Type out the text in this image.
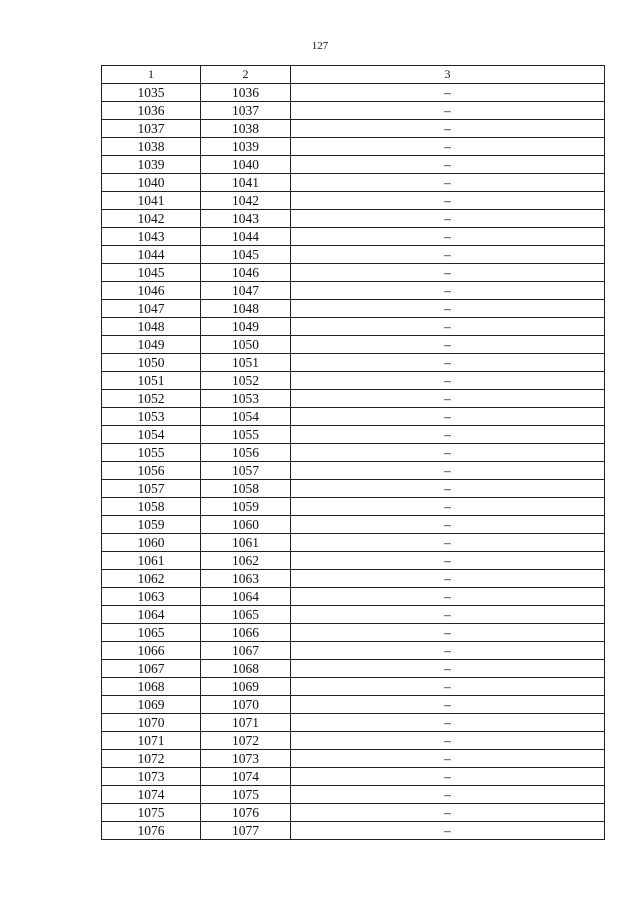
127
1	2	3
1035	1036	–
1036	1037	–
1037	1038	–
1038	1039	–
1039	1040	–
1040	1041	–
1041	1042	–
1042	1043	–
1043	1044	–
1044	1045	–
1045	1046	–
1046	1047	–
1047	1048	–
1048	1049	–
1049	1050	–
1050	1051	–
1051	1052	–
1052	1053	–
1053	1054	–
1054	1055	–
1055	1056	–
1056	1057	–
1057	1058	–
1058	1059	–
1059	1060	–
1060	1061	–
1061	1062	–
1062	1063	–
1063	1064	–
1064	1065	–
1065	1066	–
1066	1067	–
1067	1068	–
1068	1069	–
1069	1070	–
1070	1071	–
1071	1072	–
1072	1073	–
1073	1074	–
1074	1075	–
1075	1076	–
1076	1077	–
